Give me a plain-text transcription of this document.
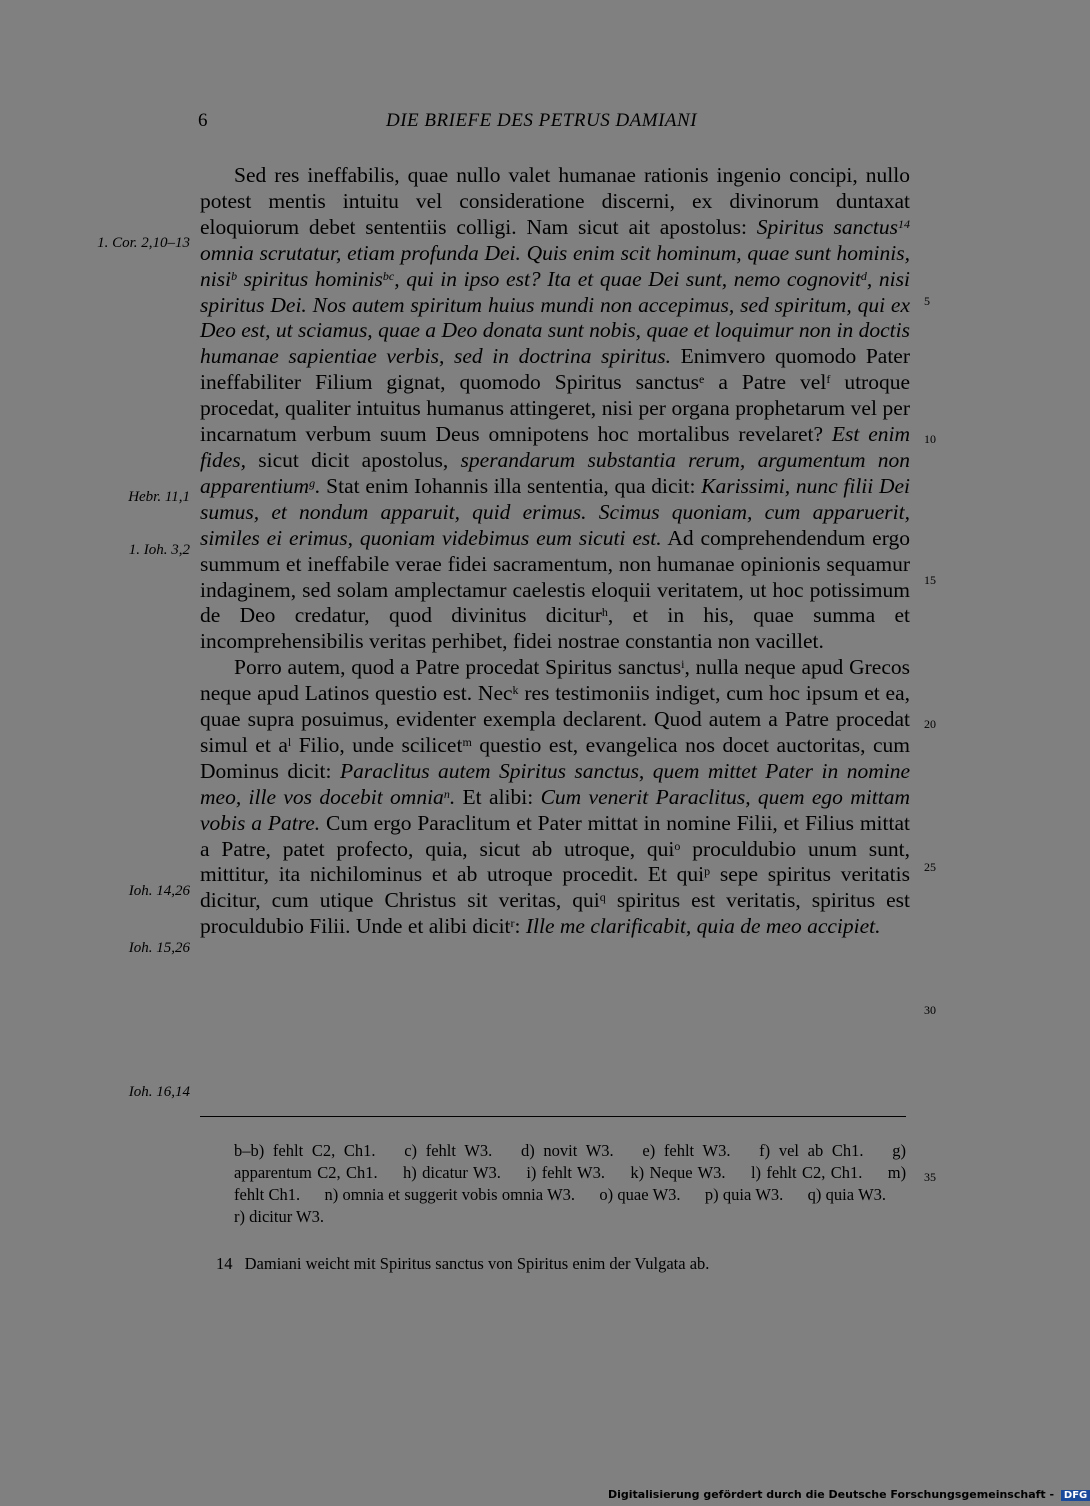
6	DIE BRIEFE DES PETRUS DAMIANI

Sed res ineffabilis, quae nullo valet humanae rationis ingenio concipi, nullo potest mentis intuitu vel consideratione discerni, ex divinorum duntaxat eloquiorum debet sententiis colligi. Nam sicut ait apostolus: Spiritus sanctus$^{14}$ omnia scrutatur, etiam profunda Dei. Quis enim scit hominum, quae sunt hominis, nisi$^b$ spiritus hominis$^{bc}$, qui in ipso est? Ita et quae Dei sunt, nemo cognovit$^d$, nisi spiritus Dei. Nos autem spiritum huius mundi non accepimus, sed spiritum, qui ex Deo est, ut sciamus, quae a Deo donata sunt nobis, quae et loquimur non in doctis humanae sapientiae verbis, sed in doctrina spiritus. Enimvero quomodo Pater ineffabiliter Filium gignat, quomodo Spiritus sanctus$^e$ a Patre vel$^f$ utroque procedat, qualiter intuitus humanus attingeret, nisi per organa prophetarum vel per incarnatum verbum suum Deus omnipotens hoc mortalibus revelaret? Est enim fides, sicut dicit apostolus, sperandarum substantia rerum, argumentum non apparentium$^g$. Stat enim Iohannis illa sententia, qua dicit: Karissimi, nunc filii Dei sumus, et nondum apparuit, quid erimus. Scimus quoniam, cum apparuerit, similes ei erimus, quoniam videbimus eum sicuti est. Ad comprehendendum ergo summum et ineffabile verae fidei sacramentum, non humanae opinionis sequamur indaginem, sed solam amplectamur caelestis eloquii veritatem, ut hoc potissimum de Deo credatur, quod divinitus dicitur$^h$, et in his, quae summa et incomprehensibilis veritas perhibet, fidei nostrae constantia non vacillet.

Porro autem, quod a Patre procedat Spiritus sanctus$^i$, nulla neque apud Grecos neque apud Latinos questio est. Nec$^k$ res testimoniis indiget, cum hoc ipsum et ea, quae supra posuimus, evidenter exempla declarent. Quod autem a Patre procedat simul et $a^l$ Filio, unde scilicet$^m$ questio est, evangelica nos docet auctoritas, cum Dominus dicit: Paraclitus autem Spiritus sanctus, quem mittet Pater in nomine meo, ille vos docebit omnia$^n$. Et alibi: Cum venerit Paraclitus, quem ego mittam vobis a Patre. Cum ergo Paraclitum et Pater mittat in nomine Filii, et Filius mittat a Patre, patet profecto, quia, sicut ab utroque, qui$^o$ proculdubio unum sunt, mittitur, ita nichilominus et ab utroque procedit. Et qui$^p$ sepe spiritus veritatis dicitur, cum utique Christus sit veritas, qui$^q$ spiritus est veritatis, spiritus est proculdubio Filii. Unde et alibi dicit$^r$: Ille me clarificabit, quia de meo accipiet.

1. Cor. 2,10–13
Hebr. 11,1
1. Ioh. 3,2
Ioh. 14,26
Ioh. 15,26
Ioh. 16,14
5
10
15
20
25
30
35
b–b) fehlt C2, Ch1. c) fehlt W3. d) novit W3. e) fehlt W3. f) vel ab Ch1. g) apparentum C2, Ch1. h) dicatur W3. i) fehlt W3. k) Neque W3. l) fehlt C2, Ch1. m) fehlt Ch1. n) omnia et suggerit vobis omnia W3. o) quae W3. p) quia W3. q) quia W3. r) dicitur W3.
14 Damiani weicht mit Spiritus sanctus von Spiritus enim der Vulgata ab.
Digitalisierung gefördert durch die Deutsche Forschungsgemeinschaft - DFG
